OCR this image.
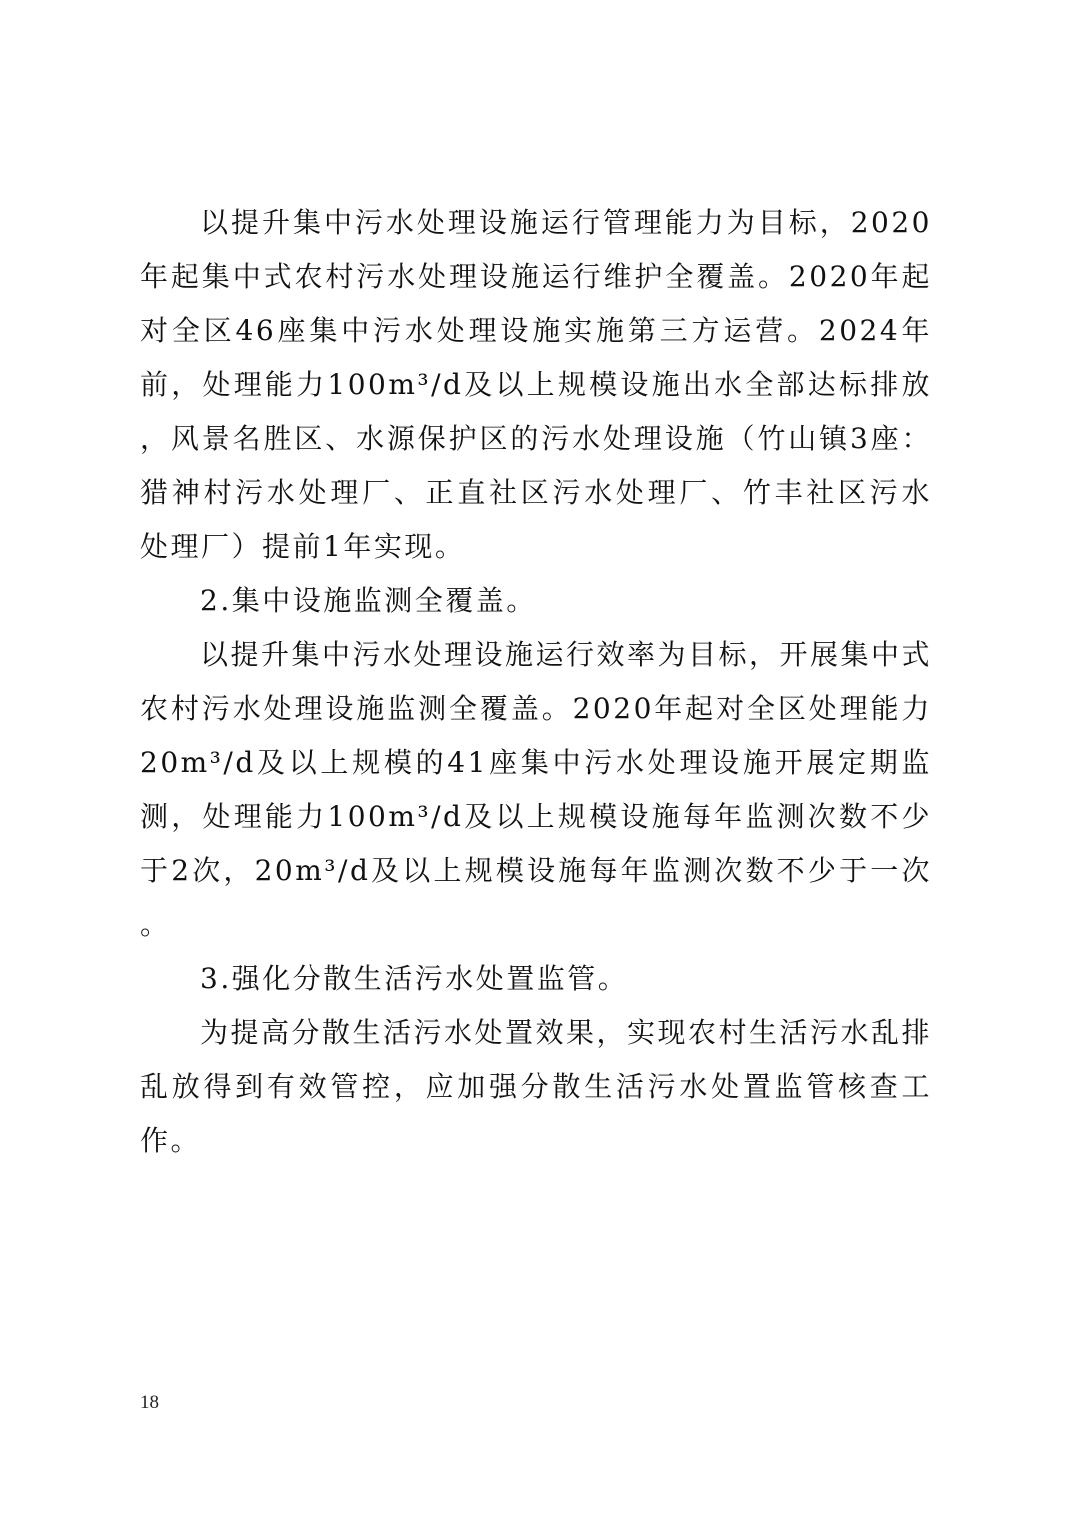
以提升集中污水处理设施运行管理能力为目标，2020年起集中式农村污水处理设施运行维护全覆盖。2020年起对全区46座集中污水处理设施实施第三方运营。2024年前，处理能力100m³/d及以上规模设施出水全部达标排放，风景名胜区、水源保护区的污水处理设施（竹山镇3座：猎神村污水处理厂、正直社区污水处理厂、竹丰社区污水处理厂）提前1年实现。

2.集中设施监测全覆盖。

以提升集中污水处理设施运行效率为目标，开展集中式农村污水处理设施监测全覆盖。2020年起对全区处理能力20m³/d及以上规模的41座集中污水处理设施开展定期监测，处理能力100m³/d及以上规模设施每年监测次数不少于2次，20m³/d及以上规模设施每年监测次数不少于一次。

3.强化分散生活污水处置监管。

为提高分散生活污水处置效果，实现农村生活污水乱排乱放得到有效管控，应加强分散生活污水处置监管核查工作。

18
